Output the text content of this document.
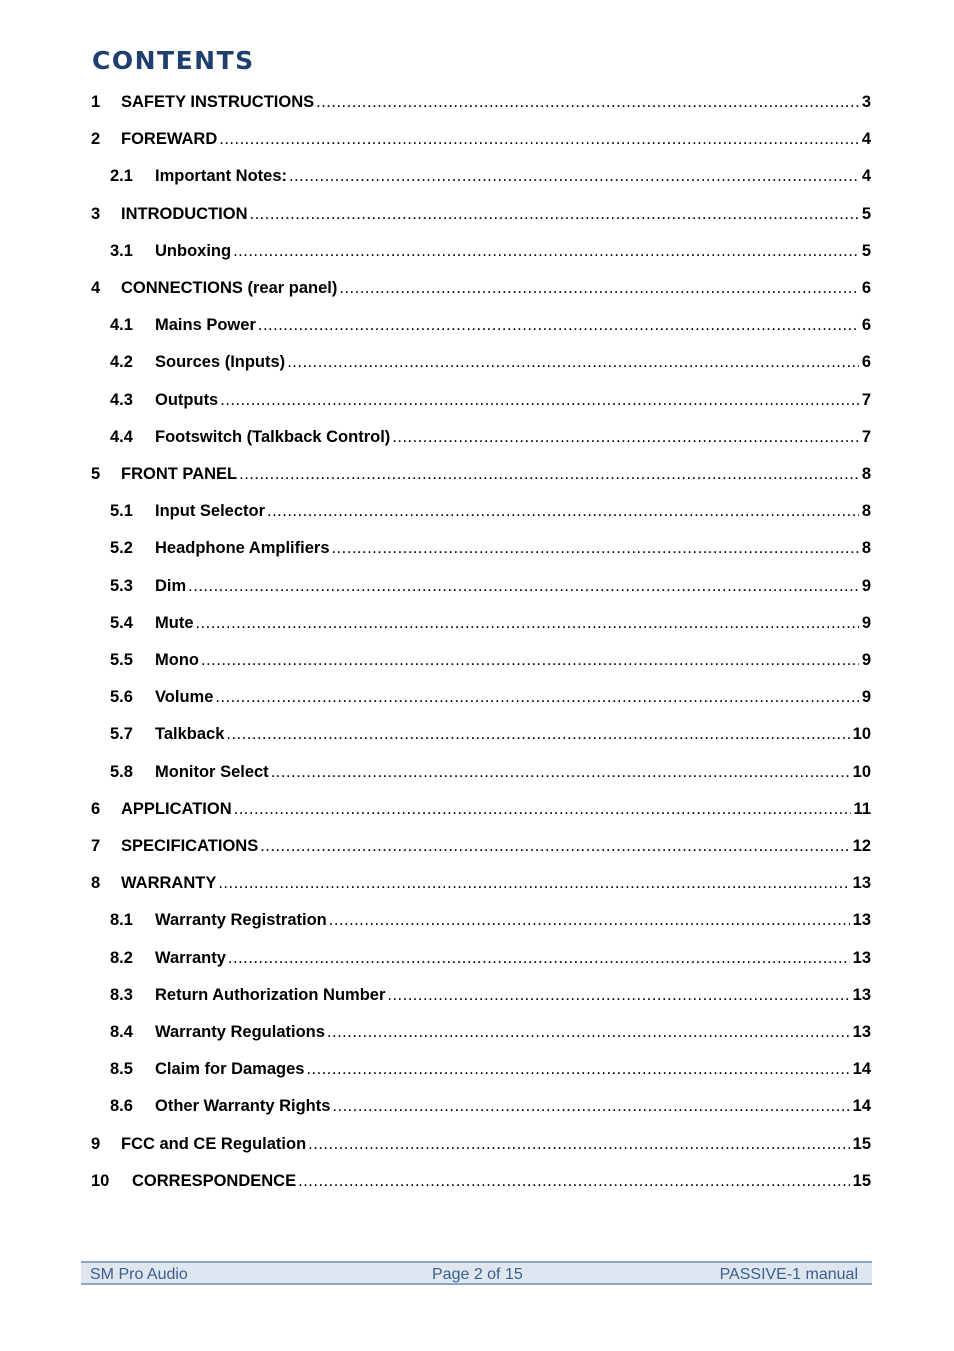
CONTENTS
1 SAFETY INSTRUCTIONS .....	3
2 FOREWARD .....	4
2.1 Important Notes: .....	4
3 INTRODUCTION .....	5
3.1 Unboxing .....	5
4 CONNECTIONS (rear panel) .....	6
4.1 Mains Power .....	6
4.2 Sources (Inputs) .....	6
4.3 Outputs .....	7
4.4 Footswitch (Talkback Control) .....	7
5 FRONT PANEL .....	8
5.1 Input Selector .....	8
5.2 Headphone Amplifiers .....	8
5.3 Dim .....	9
5.4 Mute .....	9
5.5 Mono .....	9
5.6 Volume .....	9
5.7 Talkback .....	10
5.8 Monitor Select .....	10
6 APPLICATION .....	11
7 SPECIFICATIONS .....	12
8 WARRANTY .....	13
8.1 Warranty Registration .....	13
8.2 Warranty .....	13
8.3 Return Authorization Number .....	13
8.4 Warranty Regulations .....	13
8.5 Claim for Damages .....	14
8.6 Other Warranty Rights .....	14
9 FCC and CE Regulation .....	15
10 CORRESPONDENCE .....	15
SM Pro Audio	Page 2 of 15	PASSIVE-1 manual
